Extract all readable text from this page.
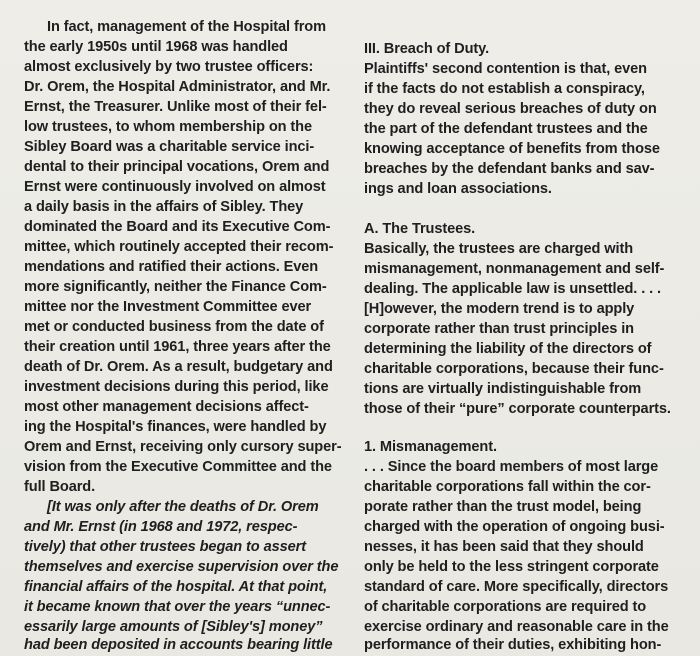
In fact, management of the Hospital from
the early 1950s until 1968 was handled
almost exclusively by two trustee officers:
Dr. Orem, the Hospital Administrator, and Mr.
Ernst, the Treasurer. Unlike most of their fel-
low trustees, to whom membership on the
Sibley Board was a charitable service inci-
dental to their principal vocations, Orem and
Ernst were continuously involved on almost
a daily basis in the affairs of Sibley. They
dominated the Board and its Executive Com-
mittee, which routinely accepted their recom-
mendations and ratified their actions. Even
more significantly, neither the Finance Com-
mittee nor the Investment Committee ever
met or conducted business from the date of
their creation until 1961, three years after the
death of Dr. Orem. As a result, budgetary and
investment decisions during this period, like
most other management decisions affect-
ing the Hospital's finances, were handled by
Orem and Ernst, receiving only cursory super-
vision from the Executive Committee and the
full Board.
[It was only after the deaths of Dr. Orem
and Mr. Ernst (in 1968 and 1972, respec-
tively) that other trustees began to assert
themselves and exercise supervision over the
financial affairs of the hospital. At that point,
it became known that over the years “unnec-
essarily large amounts of [Sibley's] money”
had been deposited in accounts bearing little
III. Breach of Duty.
Plaintiffs' second contention is that, even
if the facts do not establish a conspiracy,
they do reveal serious breaches of duty on
the part of the defendant trustees and the
knowing acceptance of benefits from those
breaches by the defendant banks and sav-
ings and loan associations.
A. The Trustees.
Basically, the trustees are charged with
mismanagement, nonmanagement and self-
dealing. The applicable law is unsettled. . . .
[H]owever, the modern trend is to apply
corporate rather than trust principles in
determining the liability of the directors of
charitable corporations, because their func-
tions are virtually indistinguishable from
those of their “pure” corporate counterparts.
1. Mismanagement.
. . . Since the board members of most large
charitable corporations fall within the cor-
porate rather than the trust model, being
charged with the operation of ongoing busi-
nesses, it has been said that they should
only be held to the less stringent corporate
standard of care. More specifically, directors
of charitable corporations are required to
exercise ordinary and reasonable care in the
performance of their duties, exhibiting hon-
